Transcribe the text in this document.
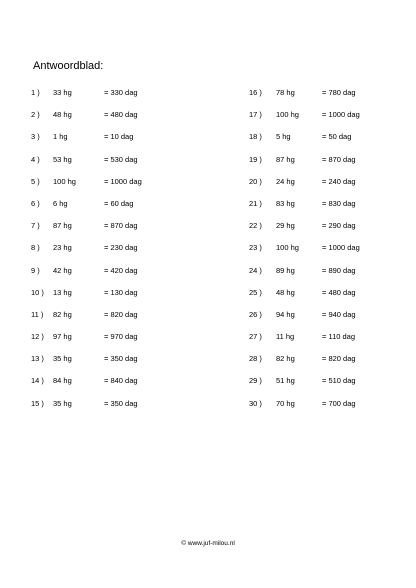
Antwoordblad:
1 ) 33 hg	= 330 dag
2 ) 48 hg	= 480 dag
3 ) 1 hg	= 10 dag
4 ) 53 hg	= 530 dag
5 ) 100 hg	= 1000 dag
6 ) 6 hg	= 60 dag
7 ) 87 hg	= 870 dag
8 ) 23 hg	= 230 dag
9 ) 42 hg	= 420 dag
10 ) 13 hg	= 130 dag
11 ) 82 hg	= 820 dag
12 ) 97 hg	= 970 dag
13 ) 35 hg	= 350 dag
14 ) 84 hg	= 840 dag
15 ) 35 hg	= 350 dag
16 ) 78 hg	= 780 dag
17 ) 100 hg	= 1000 dag
18 ) 5 hg	= 50 dag
19 ) 87 hg	= 870 dag
20 ) 24 hg	= 240 dag
21 ) 83 hg	= 830 dag
22 ) 29 hg	= 290 dag
23 ) 100 hg	= 1000 dag
24 ) 89 hg	= 890 dag
25 ) 48 hg	= 480 dag
26 ) 94 hg	= 940 dag
27 ) 11 hg	= 110 dag
28 ) 82 hg	= 820 dag
29 ) 51 hg	= 510 dag
30 ) 70 hg	= 700 dag
© www.juf-milou.nl
